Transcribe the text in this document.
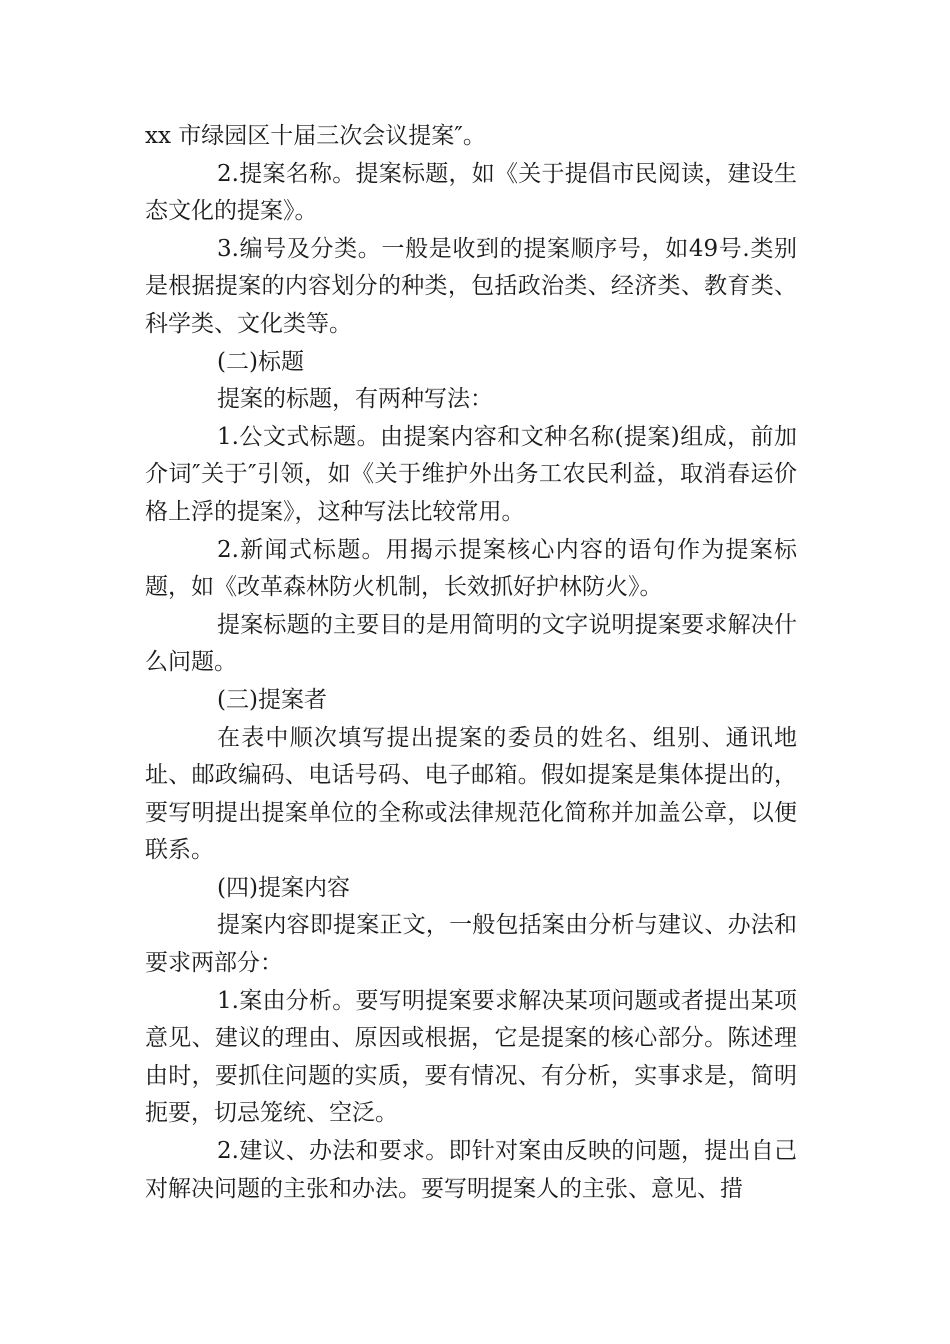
xx 市绿园区十届三次会议提案″。

2.提案名称。提案标题，如《关于提倡市民阅读，建设生态文化的提案》。

3.编号及分类。一般是收到的提案顺序号，如49号.类别是根据提案的内容划分的种类，包括政治类、经济类、教育类、科学类、文化类等。

(二)标题

提案的标题，有两种写法：

1.公文式标题。由提案内容和文种名称(提案)组成，前加介词″关于″引领，如《关于维护外出务工农民利益，取消春运价格上浮的提案》，这种写法比较常用。

2.新闻式标题。用揭示提案核心内容的语句作为提案标题，如《改革森林防火机制，长效抓好护林防火》。

提案标题的主要目的是用简明的文字说明提案要求解决什么问题。

(三)提案者

在表中顺次填写提出提案的委员的姓名、组别、通讯地址、邮政编码、电话号码、电子邮箱。假如提案是集体提出的，要写明提出提案单位的全称或法律规范化简称并加盖公章，以便联系。

(四)提案内容

提案内容即提案正文，一般包括案由分析与建议、办法和要求两部分：

1.案由分析。要写明提案要求解决某项问题或者提出某项意见、建议的理由、原因或根据，它是提案的核心部分。陈述理由时，要抓住问题的实质，要有情况、有分析，实事求是，简明扼要，切忌笼统、空泛。

2.建议、办法和要求。即针对案由反映的问题，提出自己对解决问题的主张和办法。要写明提案人的主张、意见、措
